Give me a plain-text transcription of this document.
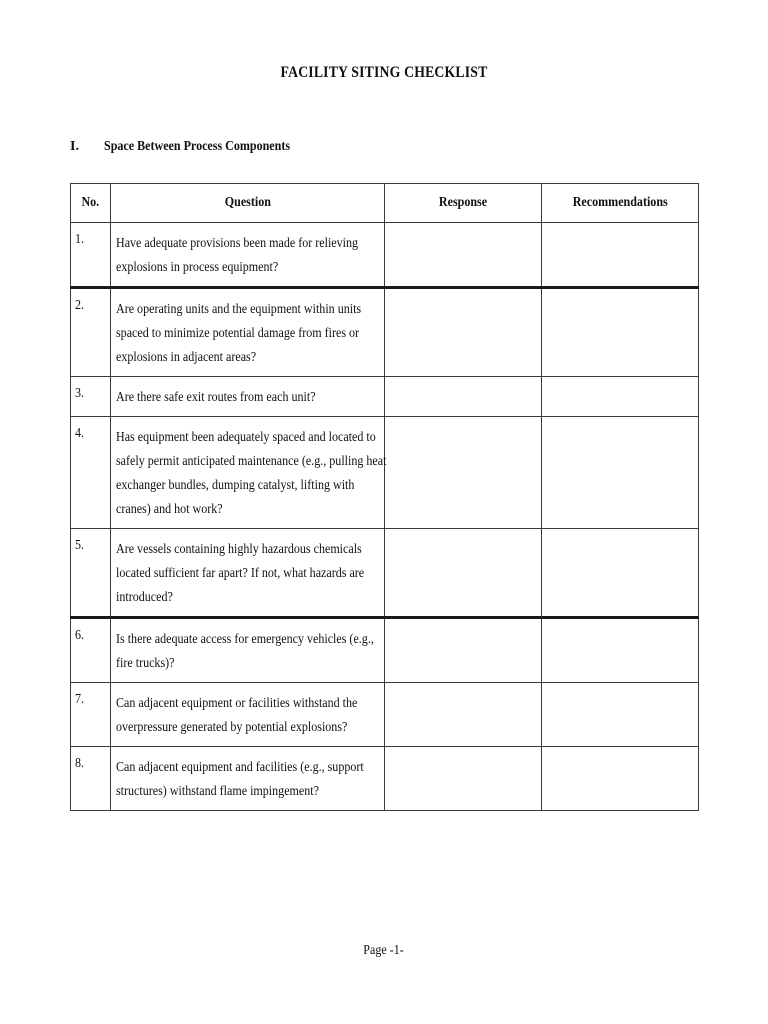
FACILITY SITING CHECKLIST
I. Space Between Process Components
No.	Question	Response	Recommendations
1.	Have adequate provisions been made for relieving
explosions in process equipment?		

2.	Are operating units and the equipment within units
spaced to minimize potential damage from fires or
explosions in adjacent areas?		

3.	Are there safe exit routes from each unit?		

4.	Has equipment been adequately spaced and located to
safely permit anticipated maintenance (e.g., pulling heat
exchanger bundles, dumping catalyst, lifting with
cranes) and hot work?		

5.	Are vessels containing highly hazardous chemicals
located sufficient far apart? If not, what hazards are
introduced?		

6.	Is there adequate access for emergency vehicles (e.g.,
fire trucks)?		

7.	Can adjacent equipment or facilities withstand the
overpressure generated by potential explosions?		

8.	Can adjacent equipment and facilities (e.g., support
structures) withstand flame impingement?		

Page -1-
